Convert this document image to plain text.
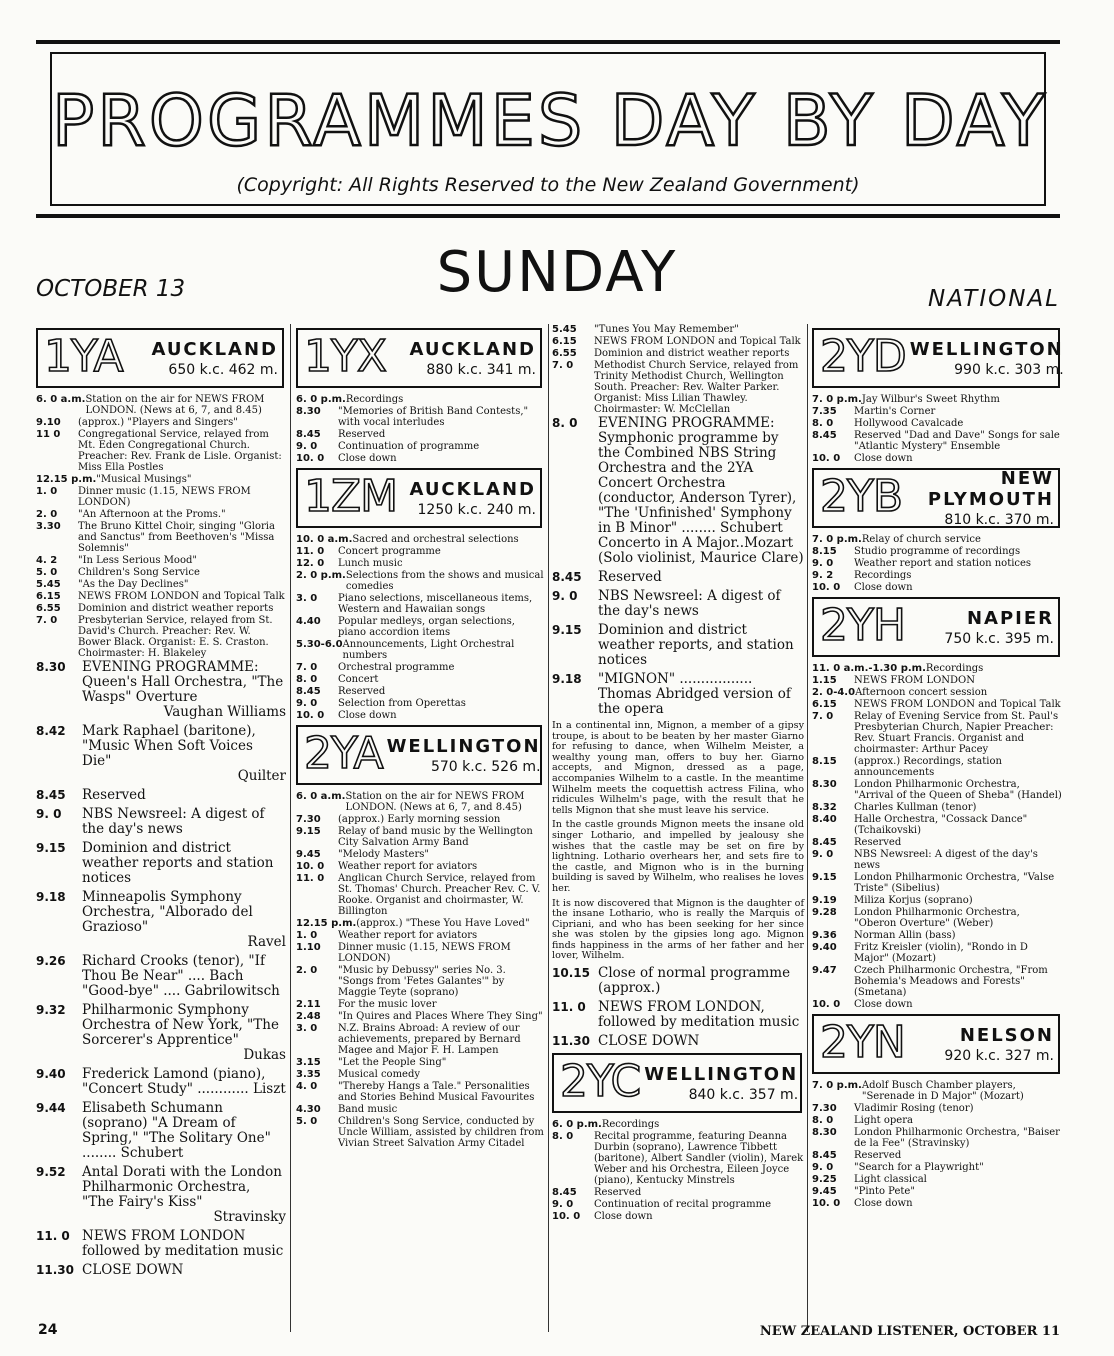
PROGRAMMES DAY BY DAY
(Copyright: All Rights Reserved to the New Zealand Government)
OCTOBER 13	SUNDAY	NATIONAL
1YA	AUCKLAND
650 k.c. 462 m.
6. 0 a.m. Station on the air for NEWS FROM LONDON. (News at 6, 7, and 8.45)
9.10	(approx.) "Players and Singers"
11 0	Congregational Service, relayed from Mt. Eden Congregational Church. Preacher: Rev. Frank de Lisle. Organist: Miss Ella Postles
12.15 p.m. "Musical Musings"
1. 0	Dinner music (1.15, NEWS FROM LONDON)
2. 0	"An Afternoon at the Proms."
3.30	The Bruno Kittel Choir, singing "Gloria and Sanctus" from Beethoven's "Missa Solemnis"
4. 2	"In Less Serious Mood"
5. 0	Children's Song Service
5.45	"As the Day Declines"
6.15	NEWS FROM LONDON and Topical Talk
6.55	Dominion and district weather reports
7. 0	Presbyterian Service, relayed from St. David's Church. Preacher: Rev. W. Bower Black. Organist: E. S. Craston. Choirmaster: H. Blakeley
8.30	EVENING PROGRAMME: Queen's Hall Orchestra, "The Wasps" Overture
Vaughan Williams
8.42	Mark Raphael (baritone), "Music When Soft Voices Die"
Quilter
8.45	Reserved
9. 0	NBS Newsreel: A digest of the day's news
9.15	Dominion and district weather reports and station notices
9.18	Minneapolis Symphony Orchestra, "Alborado del Grazioso"
Ravel
9.26	Richard Crooks (tenor), "If Thou Be Near" .... Bach "Good-bye" .... Gabrilowitsch
9.32	Philharmonic Symphony Orchestra of New York, "The Sorcerer's Apprentice"
Dukas
9.40	Frederick Lamond (piano), "Concert Study" ............ Liszt
9.44	Elisabeth Schumann (soprano) "A Dream of Spring," "The Solitary One" ........ Schubert
9.52	Antal Dorati with the London Philharmonic Orchestra, "The Fairy's Kiss"
Stravinsky
11. 0 NEWS FROM LONDON followed by meditation music
11.30 CLOSE DOWN
1YX	AUCKLAND
880 k.c. 341 m.
6. 0 p.m. Recordings
8.30	"Memories of British Band Contests," with vocal interludes
8.45	Reserved
9. 0	Continuation of programme
10. 0	Close down
1ZM AUCKLAND
1250 k.c. 240 m.
10. 0 a.m. Sacred and orchestral selections
11. 0	Concert programme
12. 0	Lunch music
2. 0 p.m. Selections from the shows and musical comedies
3. 0	Piano selections, miscellaneous items, Western and Hawaiian songs
4.40	Popular medleys, organ selections, piano accordion items
5.30-6.0 Announcements, Light Orchestral numbers
7. 0	Orchestral programme
8. 0	Concert
8.45	Reserved
9. 0	Selection from Operettas
10. 0	Close down
2YA WELLINGTON
570 k.c. 526 m.
6. 0 a.m. Station on the air for NEWS FROM LONDON. (News at 6, 7, and 8.45)
7.30	(approx.) Early morning session
9.15	Relay of band music by the Wellington City Salvation Army Band
9.45	"Melody Masters"
10. 0	Weather report for aviators
11. 0	Anglican Church Service, relayed from St. Thomas' Church. Preacher Rev. C. V. Rooke. Organist and choirmaster, W. Billington
12.15 p.m. (approx.) "These You Have Loved"
1. 0	Weather report for aviators
1.10	Dinner music (1.15, NEWS FROM LONDON)
2. 0	"Music by Debussy" series No. 3. "Songs from 'Fetes Galantes'" by Maggie Teyte (soprano)
2.11	For the music lover
2.48	"In Quires and Places Where They Sing"
3. 0	N.Z. Brains Abroad: A review of our achievements, prepared by Bernard Magee and Major F. H. Lampen
3.15	"Let the People Sing"
3.35	Musical comedy
4. 0	"Thereby Hangs a Tale." Personalities and Stories Behind Musical Favourites
4.30	Band music
5. 0	Children's Song Service, conducted by Uncle William, assisted by children from Vivian Street Salvation Army Citadel
5.45	"Tunes You May Remember"
6.15	NEWS FROM LONDON and Topical Talk
6.55	Dominion and district weather reports
7. 0	Methodist Church Service, relayed from Trinity Methodist Church, Wellington South. Preacher: Rev. Walter Parker. Organist: Miss Lilian Thawley. Choirmaster: W. McClellan
8. 0	EVENING PROGRAMME: Symphonic programme by the Combined NBS String Orchestra and the 2YA Concert Orchestra (conductor, Anderson Tyrer), "The 'Unfinished' Symphony in B Minor" ........ Schubert Concerto in A Major..Mozart (Solo violinist, Maurice Clare)
8.45	Reserved
9. 0	NBS Newsreel: A digest of the day's news
9.15	Dominion and district weather reports, and station notices
9.18	"MIGNON" ................. Thomas Abridged version of the opera
In a continental inn, Mignon, a member of a gipsy troupe, is about to be beaten by her master Giarno for refusing to dance, when Wilhelm Meister, a wealthy young man, offers to buy her. Giarno accepts, and Mignon, dressed as a page, accompanies Wilhelm to a castle. In the meantime Wilhelm meets the coquettish actress Filina, who ridicules Wilhelm's page, with the result that he tells Mignon that she must leave his service.
In the castle grounds Mignon meets the insane old singer Lothario, and impelled by jealousy she wishes that the castle may be set on fire by lightning. Lothario overhears her, and sets fire to the castle, and Mignon who is in the burning building is saved by Wilhelm, who realises he loves her.
It is now discovered that Mignon is the daughter of the insane Lothario, who is really the Marquis of Cipriani, and who has been seeking for her since she was stolen by the gipsies long ago. Mignon finds happiness in the arms of her father and her lover, Wilhelm.
10.15 Close of normal programme (approx.)
11. 0 NEWS FROM LONDON, followed by meditation music
11.30 CLOSE DOWN
2YC WELLINGTON
840 k.c. 357 m.
6. 0 p.m. Recordings
8. 0	Recital programme, featuring Deanna Durbin (soprano), Lawrence Tibbett (baritone), Albert Sandler (violin), Marek Weber and his Orchestra, Eileen Joyce (piano), Kentucky Minstrels
8.45	Reserved
9. 0	Continuation of recital programme
10. 0	Close down
2YD WELLINGTON
990 k.c. 303 m.
7. 0 p.m. Jay Wilbur's Sweet Rhythm
7.35	Martin's Corner
8. 0	Hollywood Cavalcade
8.45	Reserved "Dad and Dave" Songs for sale "Atlantic Mystery" Ensemble
10. 0	Close down
2YB	NEW PLYMOUTH
810 k.c. 370 m.
7. 0 p.m. Relay of church service
8.15	Studio programme of recordings
9. 0	Weather report and station notices
9. 2	Recordings
10. 0	Close down
2YH	NAPIER
750 k.c. 395 m.
11. 0 a.m.-1.30 p.m. Recordings
1.15	NEWS FROM LONDON
2. 0-4.0 Afternoon concert session
6.15	NEWS FROM LONDON and Topical Talk
7. 0	Relay of Evening Service from St. Paul's Presbyterian Church, Napier Preacher: Rev. Stuart Francis. Organist and choirmaster: Arthur Pacey
8.15	(approx.) Recordings, station announcements
8.30	London Philharmonic Orchestra, "Arrival of the Queen of Sheba" (Handel)
8.32	Charles Kullman (tenor)
8.40	Halle Orchestra, "Cossack Dance" (Tchaikovski)
8.45	Reserved
9. 0	NBS Newsreel: A digest of the day's news
9.15	London Philharmonic Orchestra, "Valse Triste" (Sibelius)
9.19	Miliza Korjus (soprano)
9.28	London Philharmonic Orchestra, "Oberon Overture" (Weber)
9.36	Norman Allin (bass)
9.40	Fritz Kreisler (violin), "Rondo in D Major" (Mozart)
9.47	Czech Philharmonic Orchestra, "From Bohemia's Meadows and Forests" (Smetana)
10. 0	Close down
2YN	NELSON
920 k.c. 327 m.
7. 0 p.m. Adolf Busch Chamber players, "Serenade in D Major" (Mozart)
7.30	Vladimir Rosing (tenor)
8. 0	Light opera
8.30	London Philharmonic Orchestra, "Baiser de la Fee" (Stravinsky)
8.45	Reserved
9. 0	"Search for a Playwright"
9.25	Light classical
9.45	"Pinto Pete"
10. 0	Close down
24	NEW ZEALAND LISTENER, OCTOBER 11
